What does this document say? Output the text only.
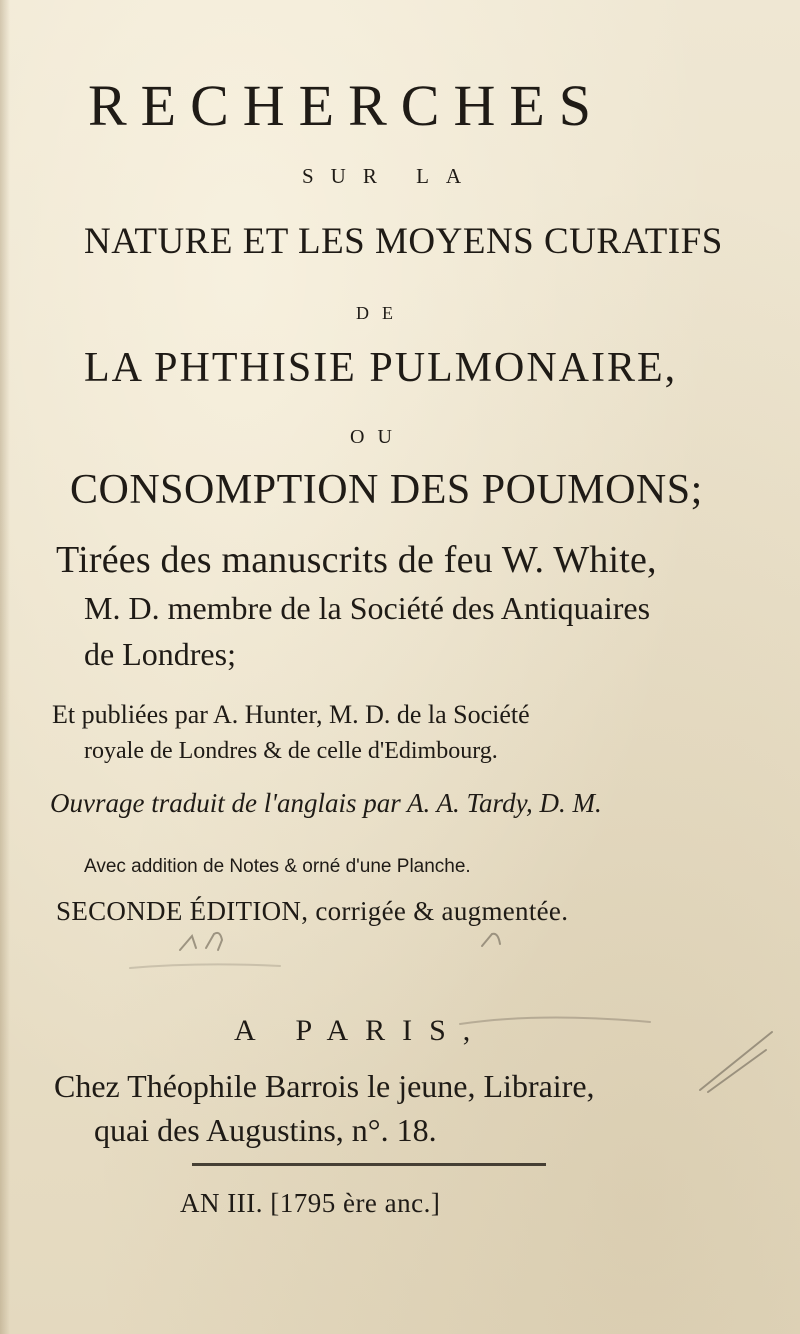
RECHERCHES
SUR LA
NATURE ET LES MOYENS CURATIFS
DE
LA PHTHISIE PULMONAIRE,
OU
CONSOMPTION DES POUMONS;
Tirées des manuscrits de feu W. White,
M. D. membre de la Société des Antiquaires
de Londres;
Et publiées par A. Hunter, M. D. de la Société
royale de Londres & de celle d'Edimbourg.
Ouvrage traduit de l'anglais par A. A. Tardy, D. M.
Avec addition de Notes & orné d'une Planche.
SECONDE ÉDITION, corrigée & augmentée.
A PARIS,
Chez Théophile Barrois le jeune, Libraire,
quai des Augustins, n°. 18.
AN III. [1795 ère anc.]
